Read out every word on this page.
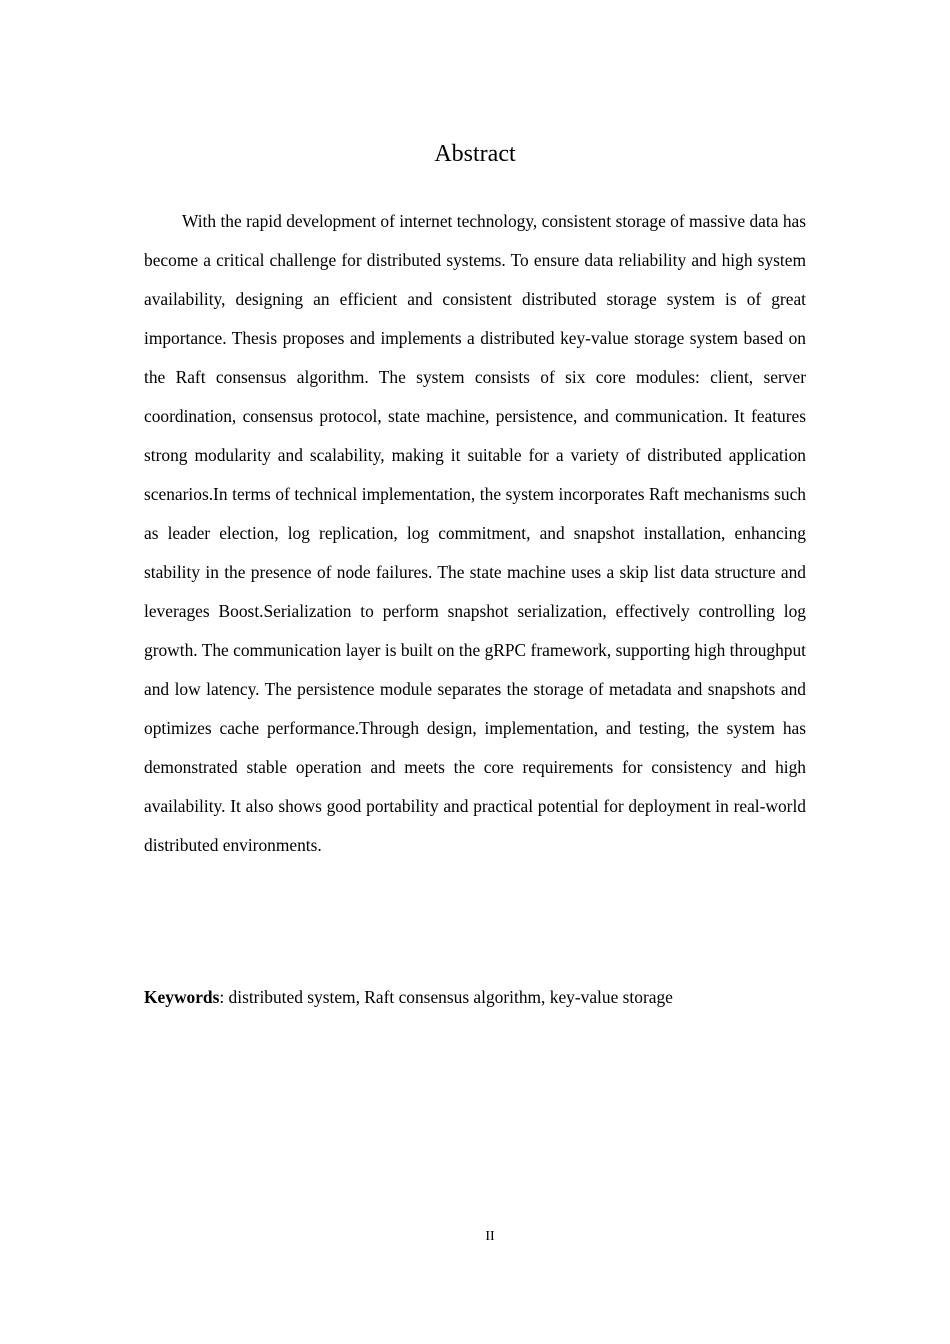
Abstract

With the rapid development of internet technology, consistent storage of massive data has become a critical challenge for distributed systems. To ensure data reliability and high system availability, designing an efficient and consistent distributed storage system is of great importance. Thesis proposes and implements a distributed key-value storage system based on the Raft consensus algorithm. The system consists of six core modules: client, server coordination, consensus protocol, state machine, persistence, and communication. It features strong modularity and scalability, making it suitable for a variety of distributed application scenarios.In terms of technical implementation, the system incorporates Raft mechanisms such as leader election, log replication, log commitment, and snapshot installation, enhancing stability in the presence of node failures. The state machine uses a skip list data structure and leverages Boost.Serialization to perform snapshot serialization, effectively controlling log growth. The communication layer is built on the gRPC framework, supporting high throughput and low latency. The persistence module separates the storage of metadata and snapshots and optimizes cache performance.Through design, implementation, and testing, the system has demonstrated stable operation and meets the core requirements for consistency and high availability. It also shows good portability and practical potential for deployment in real-world distributed environments.

Keywords: distributed system, Raft consensus algorithm, key-value storage

II
